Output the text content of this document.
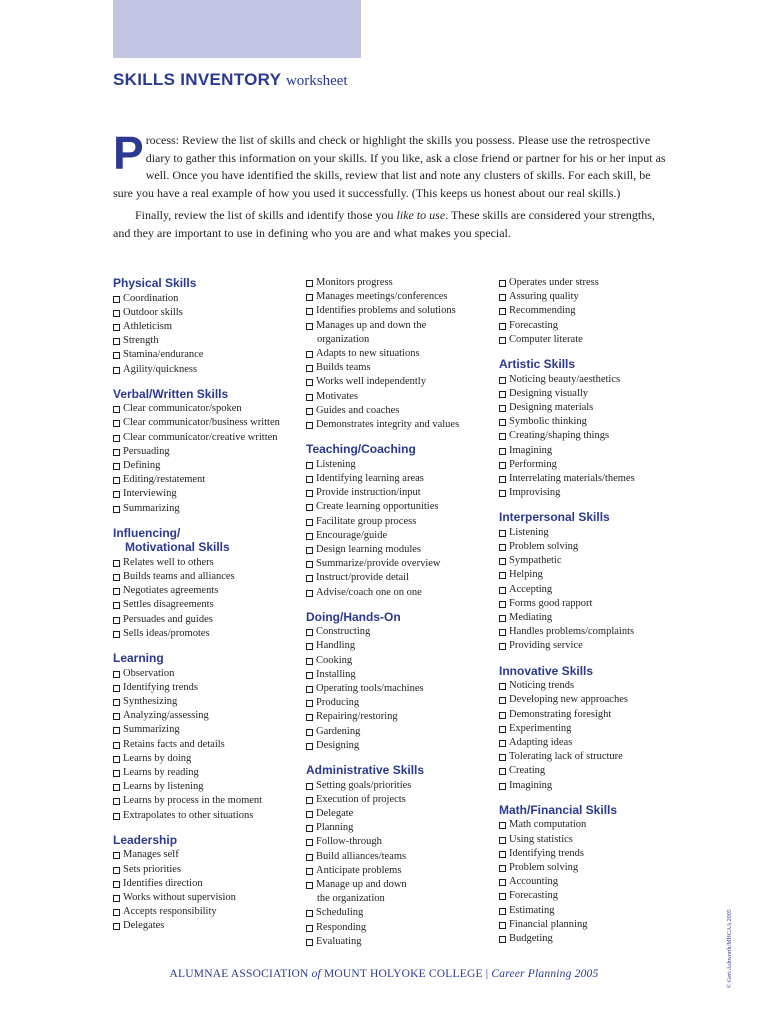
SKILLS INVENTORY worksheet

Process: Review the list of skills and check or highlight the skills you possess. Please use the retrospective diary to gather this information on your skills. If you like, ask a close friend or partner for his or her input as well. Once you have identified the skills, review that list and note any clusters of skills. For each skill, be sure you have a real example of how you used it successfully. (This keeps us honest about our real skills.)

Finally, review the list of skills and identify those you like to use. These skills are considered your strengths, and they are important to use in defining who you are and what makes you special.

Physical Skills
Coordination
Outdoor skills
Athleticism
Strength
Stamina/endurance
Agility/quickness
Verbal/Written Skills
Clear communicator/spoken
Clear communicator/business written
Clear communicator/creative written
Persuading
Defining
Editing/restatement
Interviewing
Summarizing
Influencing/
Motivational Skills
Relates well to others
Builds teams and alliances
Negotiates agreements
Settles disagreements
Persuades and guides
Sells ideas/promotes
Learning
Observation
Identifying trends
Synthesizing
Analyzing/assessing
Summarizing
Retains facts and details
Learns by doing
Learns by reading
Learns by listening
Learns by process in the moment
Extrapolates to other situations
Leadership
Manages self
Sets priorities
Identifies direction
Works without supervision
Accepts responsibility
Delegates
Monitors progress
Manages meetings/conferences
Identifies problems and solutions
Manages up and down the
organization
Adapts to new situations
Builds teams
Works well independently
Motivates
Guides and coaches
Demonstrates integrity and values
Teaching/Coaching
Listening
Identifying learning areas
Provide instruction/input
Create learning opportunities
Facilitate group process
Encourage/guide
Design learning modules
Summarize/provide overview
Instruct/provide detail
Advise/coach one on one
Doing/Hands-On
Constructing
Handling
Cooking
Installing
Operating tools/machines
Producing
Repairing/restoring
Gardening
Designing
Administrative Skills
Setting goals/priorities
Execution of projects
Delegate
Planning
Follow-through
Build alliances/teams
Anticipate problems
Manage up and down
the organization
Scheduling
Responding
Evaluating
Operates under stress
Assuring quality
Recommending
Forecasting
Computer literate
Artistic Skills
Noticing beauty/aesthetics
Designing visually
Designing materials
Symbolic thinking
Creating/shaping things
Imagining
Performing
Interrelating materials/themes
Improvising
Interpersonal Skills
Listening
Problem solving
Sympathetic
Helping
Accepting
Forms good rapport
Mediating
Handles problems/complaints
Providing service
Innovative Skills
Noticing trends
Developing new approaches
Demonstrating foresight
Experimenting
Adapting ideas
Tolerating lack of structure
Creating
Imagining
Math/Financial Skills
Math computation
Using statistics
Identifying trends
Problem solving
Accounting
Forecasting
Estimating
Financial planning
Budgeting
ALUMNAE ASSOCIATION of MOUNT HOLYOKE COLLEGE | Career Planning 2005	© Geri Ashworth/MHCAA 2005
